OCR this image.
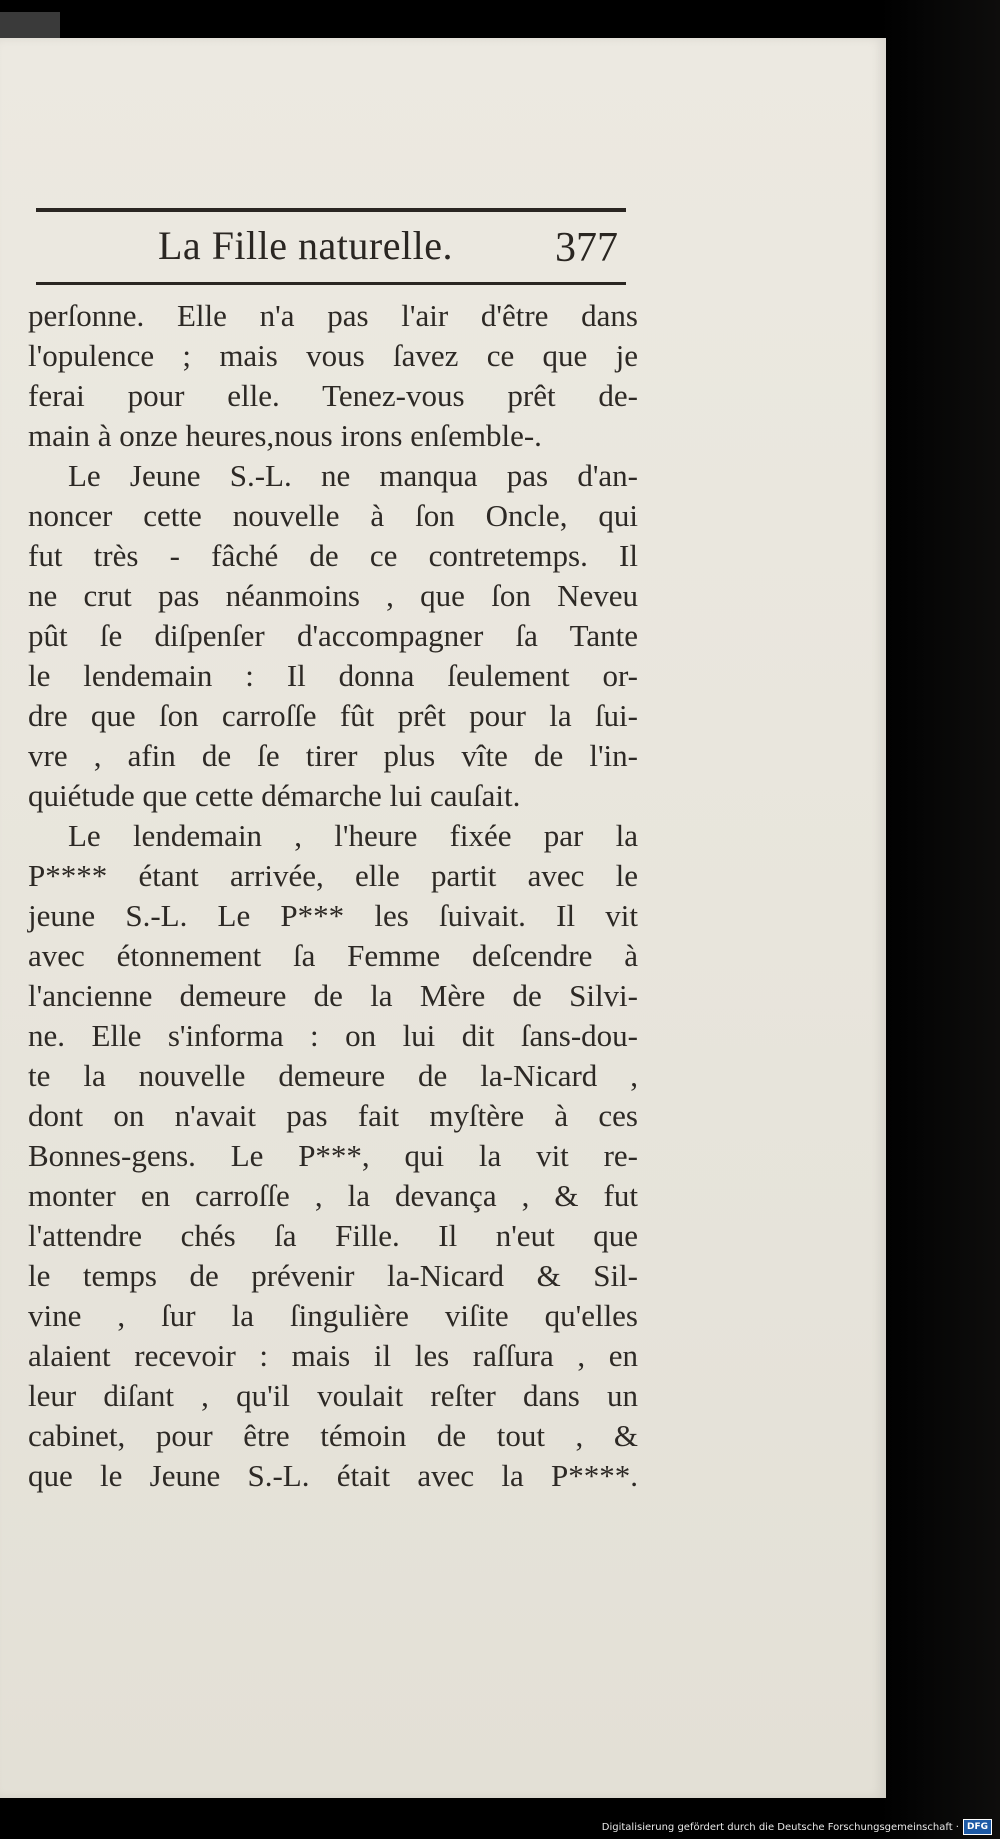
La Fille naturelle. 377
perſonne. Elle n'a pas l'air d'être dans
l'opulence ; mais vous ſavez ce que je
ferai pour elle. Tenez-vous prêt de-
main à onze heures,nous irons enſemble-.
Le Jeune S.-L. ne manqua pas d'an-
noncer cette nouvelle à ſon Oncle, qui
fut très - fâché de ce contretemps. Il
ne crut pas néanmoins , que ſon Neveu
pût ſe diſpenſer d'accompagner ſa Tante
le lendemain : Il donna ſeulement or-
dre que ſon carroſſe fût prêt pour la ſui-
vre , afin de ſe tirer plus vîte de l'in-
quiétude que cette démarche lui cauſait.
Le lendemain , l'heure fixée par la
P**** étant arrivée, elle partit avec le
jeune S.-L. Le P*** les ſuivait. Il vit
avec étonnement ſa Femme deſcendre à
l'ancienne demeure de la Mère de Silvi-
ne. Elle s'informa : on lui dit ſans-dou-
te la nouvelle demeure de la-Nicard ,
dont on n'avait pas fait myſtère à ces
Bonnes-gens. Le P***, qui la vit re-
monter en carroſſe , la devança , & fut
l'attendre chés ſa Fille. Il n'eut que
le temps de prévenir la-Nicard & Sil-
vine , ſur la ſingulière viſite qu'elles
alaient recevoir : mais il les raſſura , en
leur diſant , qu'il voulait reſter dans un
cabinet, pour être témoin de tout , &
que le Jeune S.-L. était avec la P****.
Digitalisierung gefördert durch die Deutsche Forschungsgemeinschaft · DFG
